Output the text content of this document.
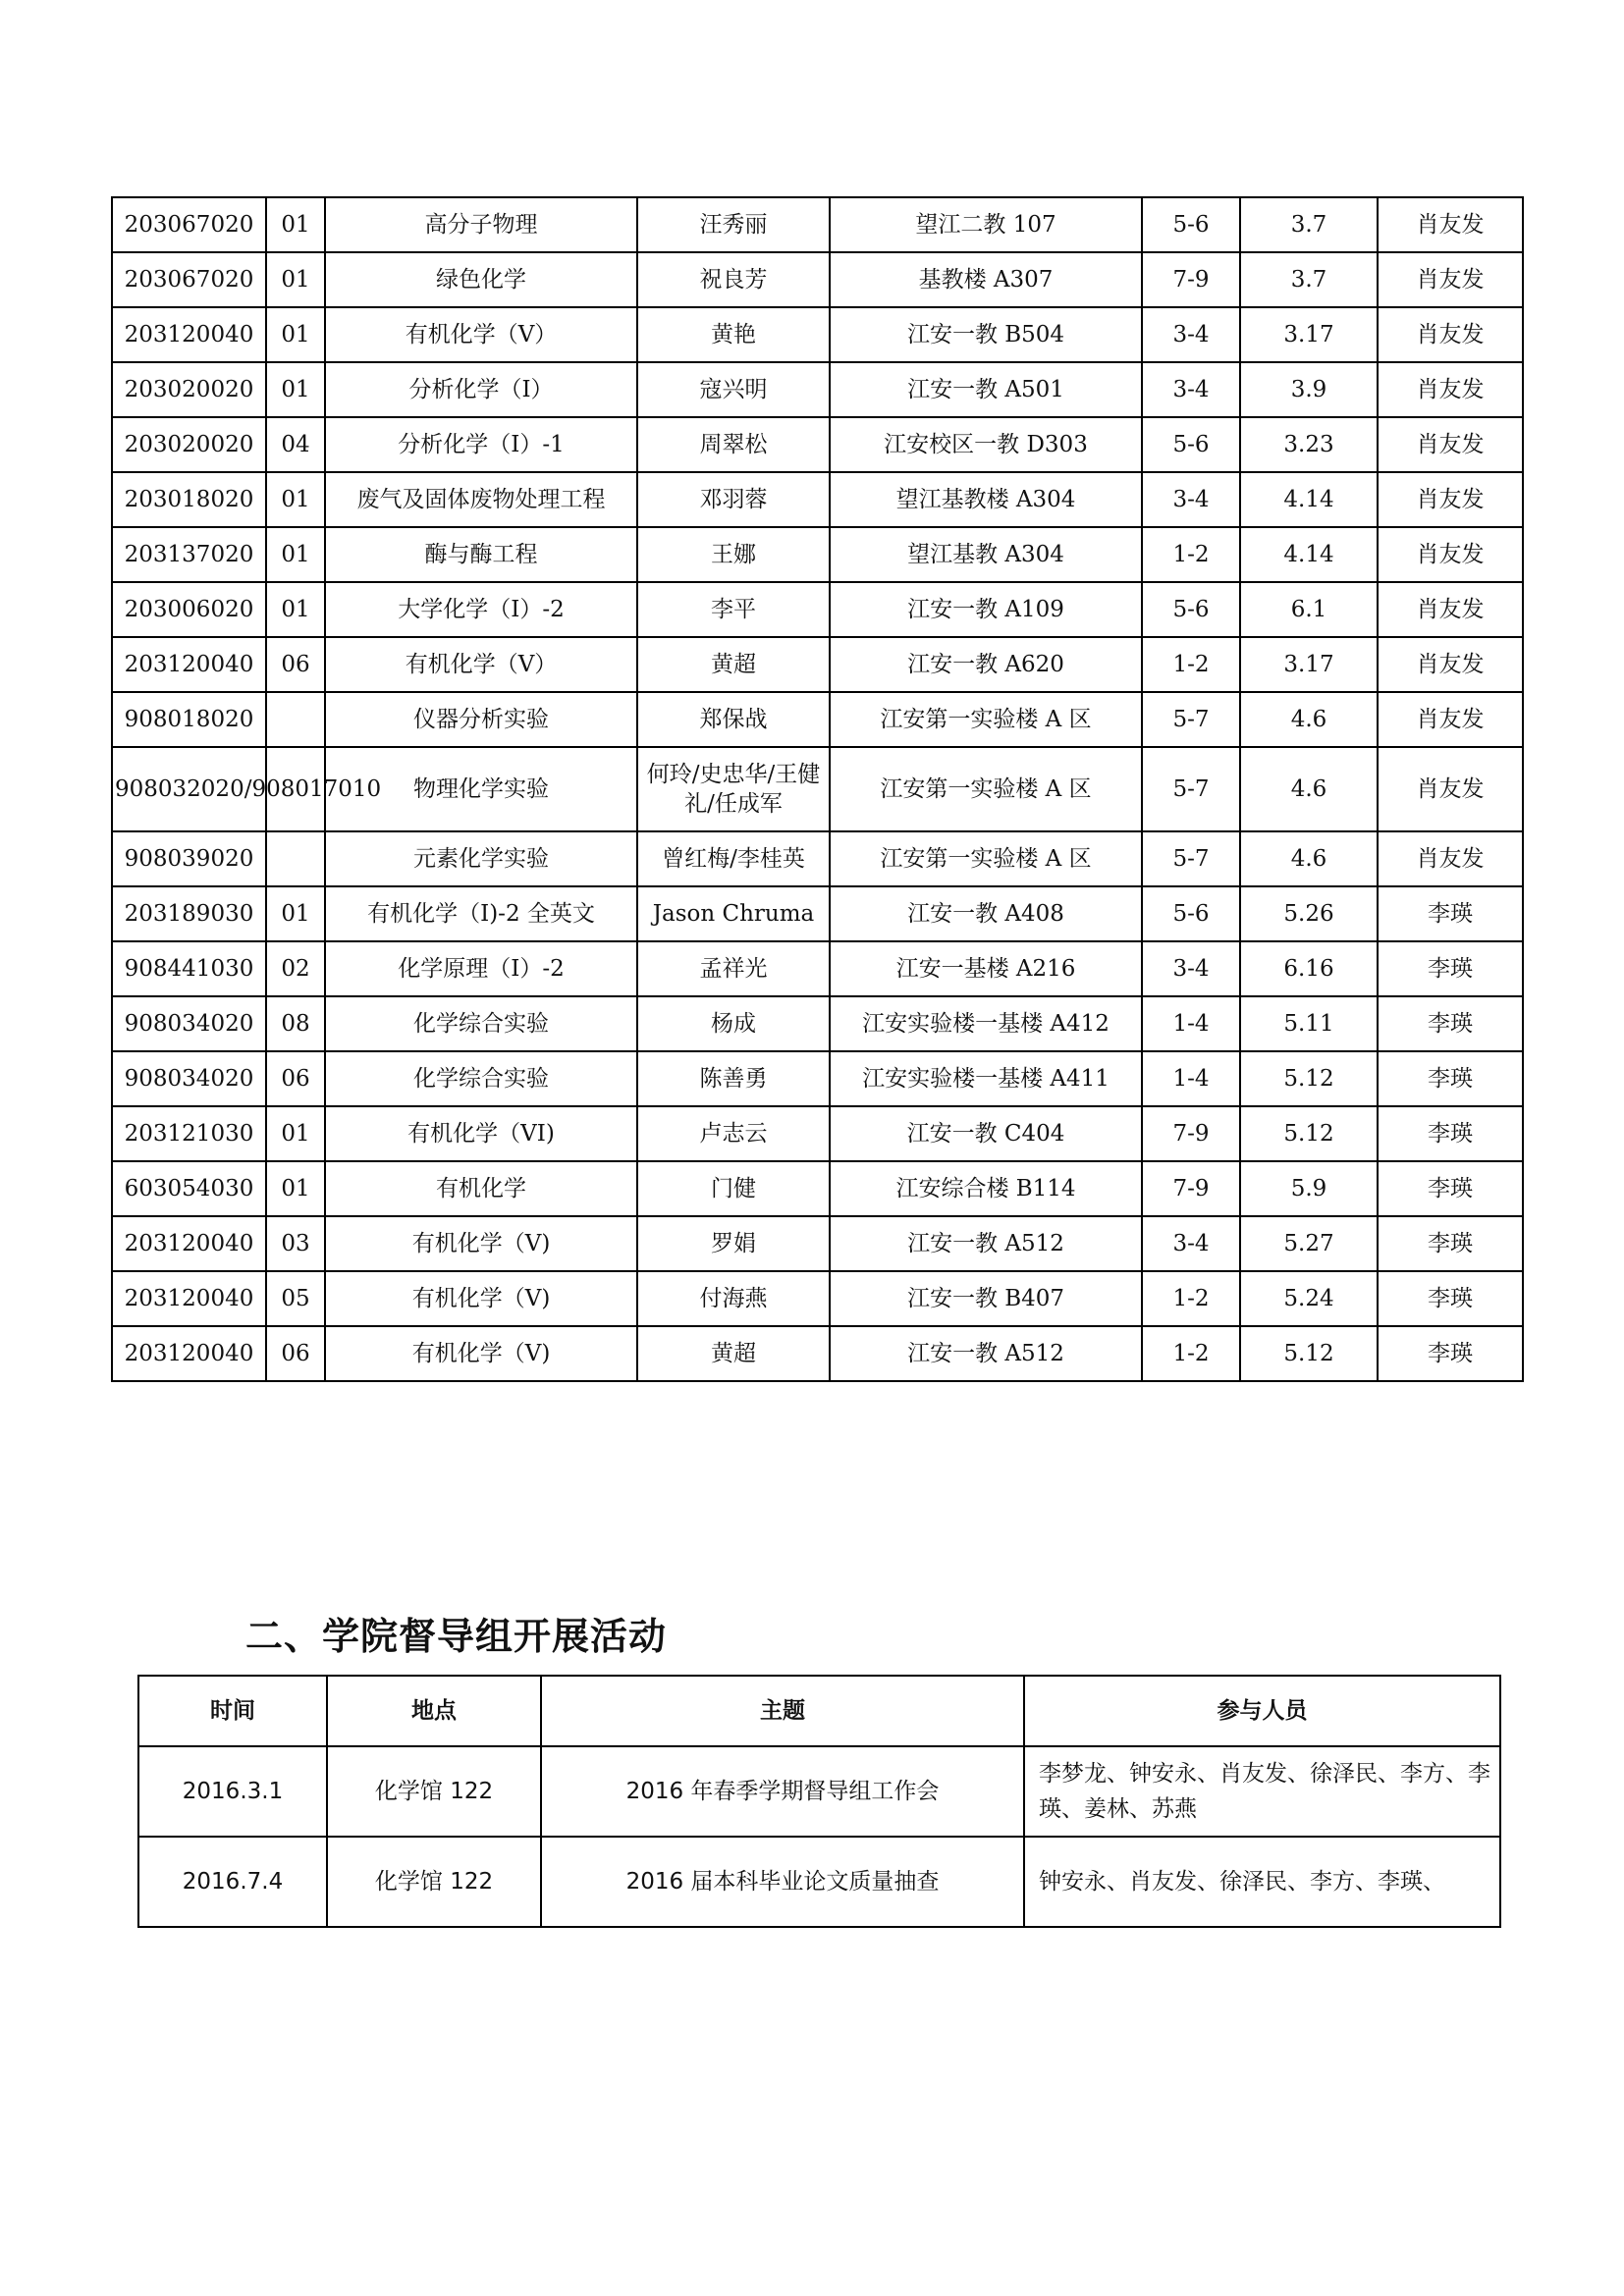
203067020	01	高分子物理	汪秀丽	望江二教 107	5-6	3.7	肖友发
203067020	01	绿色化学	祝良芳	基教楼 A307	7-9	3.7	肖友发
203120040	01	有机化学（V）	黄艳	江安一教 B504	3-4	3.17	肖友发
203020020	01	分析化学（I）	寇兴明	江安一教 A501	3-4	3.9	肖友发
203020020	04	分析化学（I）-1	周翠松	江安校区一教 D303	5-6	3.23	肖友发
203018020	01	废气及固体废物处理工程	邓羽蓉	望江基教楼 A304	3-4	4.14	肖友发
203137020	01	酶与酶工程	王娜	望江基教 A304	1-2	4.14	肖友发
203006020	01	大学化学（I）-2	李平	江安一教 A109	5-6	6.1	肖友发
203120040	06	有机化学（V）	黄超	江安一教 A620	1-2	3.17	肖友发
908018020		仪器分析实验	郑保战	江安第一实验楼 A 区	5-7	4.6	肖友发
908032020/908017010		物理化学实验	何玲/史忠华/王健礼/任成军	江安第一实验楼 A 区	5-7	4.6	肖友发
908039020		元素化学实验	曾红梅/李桂英	江安第一实验楼 A 区	5-7	4.6	肖友发
203189030	01	有机化学（I)-2 全英文	Jason Chruma	江安一教 A408	5-6	5.26	李瑛
908441030	02	化学原理（I）-2	孟祥光	江安一基楼 A216	3-4	6.16	李瑛
908034020	08	化学综合实验	杨成	江安实验楼一基楼 A412	1-4	5.11	李瑛
908034020	06	化学综合实验	陈善勇	江安实验楼一基楼 A411	1-4	5.12	李瑛
203121030	01	有机化学（VI)	卢志云	江安一教 C404	7-9	5.12	李瑛
603054030	01	有机化学	门健	江安综合楼 B114	7-9	5.9	李瑛
203120040	03	有机化学（V)	罗娟	江安一教 A512	3-4	5.27	李瑛
203120040	05	有机化学（V)	付海燕	江安一教 B407	1-2	5.24	李瑛
203120040	06	有机化学（V)	黄超	江安一教 A512	1-2	5.12	李瑛
二、学院督导组开展活动
时间	地点	主题	参与人员
2016.3.1	化学馆 122	2016 年春季学期督导组工作会	李梦龙、钟安永、肖友发、徐泽民、李方、李瑛、姜林、苏燕
2016.7.4	化学馆 122	2016 届本科毕业论文质量抽查	钟安永、肖友发、徐泽民、李方、李瑛、
